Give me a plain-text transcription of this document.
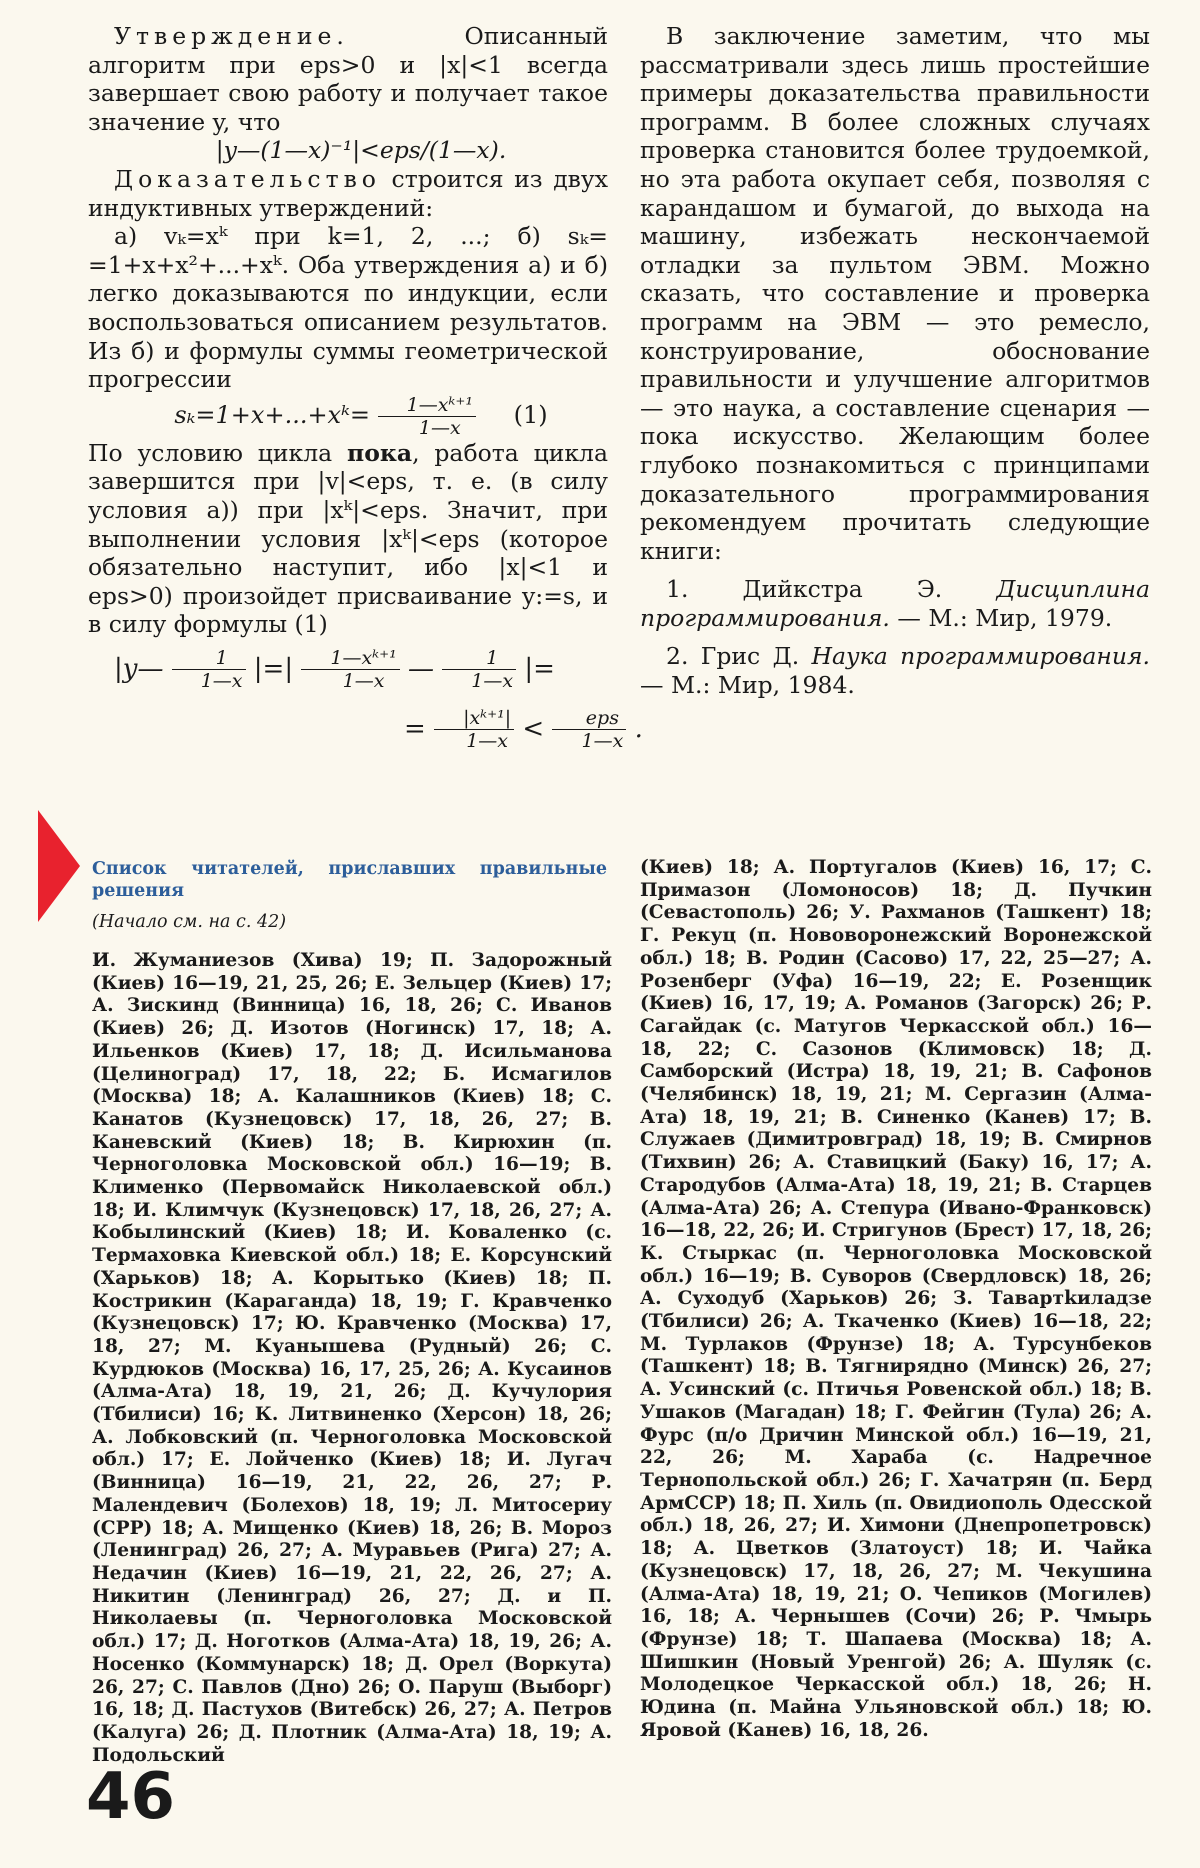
Утверждение. Описанный алгоритм при eps>0 и |x|<1 всегда завершает свою работу и получает такое значение y, что

|y—(1—x)⁻¹|<eps/(1—x).

Доказательство строится из двух индуктивных утверждений:

а) vₖ=xᵏ при k=1, 2, ...; б) sₖ= =1+x+x²+...+xᵏ. Оба утверждения а) и б) легко доказываются по индукции, если воспользоваться описанием результатов. Из б) и формулы суммы геометрической прогрессии

sₖ=1+x+...+xᵏ= $\frac{\text{1—xᵏ⁺¹}}{1—x} (1)$

По условию цикла пока, работа цикла завершится при |v|<eps, т. е. (в силу условия а)) при |xᵏ|<eps. Значит, при выполнении условия |xᵏ|<eps (которое обязательно наступит, ибо |x|<1 и eps>0) произойдет присваивание y:=s, и в силу формулы (1)

|y— $\frac{1}{1—x}$ |=| $\frac{\text{1—xᵏ⁺¹}}{1—x}$ — $\frac{1}{1—x}$ |=

= $\frac{\text{|xᵏ⁺¹|}}{1—x}$ <	eps
1—x .

В заключение заметим, что мы рассматривали здесь лишь простейшие примеры доказательства правильности программ. В более сложных случаях проверка становится более трудоемкой, но эта работа окупает себя, позволяя с карандашом и бумагой, до выхода на машину, избежать нескончаемой отладки за пультом ЭВМ. Можно сказать, что составление и проверка программ на ЭВМ — это ремесло, конструирование, обоснование правильности и улучшение алгоритмов — это наука, а составление сценария — пока искусство. Желающим более глубоко познакомиться с принципами доказательного программирования рекомендуем прочитать следующие книги:

1. Дийкстра Э. Дисциплина программирования. — М.: Мир, 1979.

2. Грис Д. Наука программирования. — М.: Мир, 1984.

Список читателей, приславших правильные решения
(Начало см. на с. 42)
И. Жуманиезов (Хива) 19; П. Задорожный (Киев) 16—19, 21, 25, 26; Е. Зельцер (Киев) 17; А. Зискинд (Винница) 16, 18, 26; С. Иванов (Киев) 26; Д. Изотов (Ногинск) 17, 18; А. Ильенков (Киев) 17, 18; Д. Исильманова (Целиноград) 17, 18, 22; Б. Исмагилов (Москва) 18; А. Калашников (Киев) 18; С. Канатов (Кузнецовск) 17, 18, 26, 27; В. Каневский (Киев) 18; В. Кирюхин (п. Черноголовка Московской обл.) 16—19; В. Клименко (Первомайск Николаевской обл.) 18; И. Климчук (Кузнецовск) 17, 18, 26, 27; А. Кобылинский (Киев) 18; И. Коваленко (с. Термаховка Киевской обл.) 18; Е. Корсунский (Харьков) 18; А. Корытько (Киев) 18; П. Кострикин (Караганда) 18, 19; Г. Кравченко (Кузнецовск) 17; Ю. Кравченко (Москва) 17, 18, 27; М. Куанышева (Рудный) 26; С. Курдюков (Москва) 16, 17, 25, 26; А. Кусаинов (Алма-Ата) 18, 19, 21, 26; Д. Кучулория (Тбилиси) 16; К. Литвиненко (Херсон) 18, 26; А. Лобковский (п. Черноголовка Московской обл.) 17; Е. Лойченко (Киев) 18; И. Лугач (Винница) 16—19, 21, 22, 26, 27; Р. Малендевич (Болехов) 18, 19; Л. Митосериу (СРР) 18; А. Мищенко (Киев) 18, 26; В. Мороз (Ленинград) 26, 27; А. Муравьев (Рига) 27; А. Недачин (Киев) 16—19, 21, 22, 26, 27; А. Никитин (Ленинград) 26, 27; Д. и П. Николаевы (п. Черноголовка Московской обл.) 17; Д. Ноготков (Алма-Ата) 18, 19, 26; А. Носенко (Коммунарск) 18; Д. Орел (Воркута) 26, 27; С. Павлов (Дно) 26; О. Паруш (Выборг) 16, 18; Д. Пастухов (Витебск) 26, 27; А. Петров (Калуга) 26; Д. Плотник (Алма-Ата) 18, 19; А. Подольский
(Киев) 18; А. Португалов (Киев) 16, 17; С. Примазон (Ломоносов) 18; Д. Пучкин (Севастополь) 26; У. Рахманов (Ташкент) 18; Г. Рекуц (п. Нововоронежский Воронежской обл.) 18; В. Родин (Сасово) 17, 22, 25—27; А. Розенберг (Уфа) 16—19, 22; Е. Розенщик (Киев) 16, 17, 19; А. Романов (Загорск) 26; Р. Сагайдак (с. Матугов Черкасской обл.) 16—18, 22; С. Сазонов (Климовск) 18; Д. Самборский (Истра) 18, 19, 21; В. Сафонов (Челябинск) 18, 19, 21; М. Сергазин (Алма-Ата) 18, 19, 21; В. Синенко (Канев) 17; В. Служаев (Димитровград) 18, 19; В. Смирнов (Тихвин) 26; А. Ставицкий (Баку) 16, 17; А. Стародубов (Алма-Ата) 18, 19, 21; В. Старцев (Алма-Ата) 26; А. Степура (Ивано-Франковск) 16—18, 22, 26; И. Стригунов (Брест) 17, 18, 26; К. Стыркас (п. Черноголовка Московской обл.) 16—19; В. Суворов (Свердловск) 18, 26; А. Суходуб (Харьков) 26; З. Тавартkиладзе (Тбилиси) 26; А. Ткаченко (Киев) 16—18, 22; М. Турлаков (Фрунзе) 18; А. Турсунбеков (Ташкент) 18; В. Тягнирядно (Минск) 26, 27; А. Усинский (с. Птичья Ровенской обл.) 18; В. Ушаков (Магадан) 18; Г. Фейгин (Тула) 26; А. Фурс (п/о Дричин Минской обл.) 16—19, 21, 22, 26; М. Хараба (с. Надречное Тернопольской обл.) 26; Г. Хачатрян (п. Берд АрмССР) 18; П. Хиль (п. Овидиополь Одесской обл.) 18, 26, 27; И. Химони (Днепропетровск) 18; А. Цветков (Златоуст) 18; И. Чайка (Кузнецовск) 17, 18, 26, 27; М. Чекушина (Алма-Ата) 18, 19, 21; О. Чепиков (Могилев) 16, 18; А. Чернышев (Сочи) 26; Р. Чмырь (Фрунзе) 18; Т. Шапаева (Москва) 18; А. Шишкин (Новый Уренгой) 26; А. Шуляк (с. Молодецкое Черкасской обл.) 18, 26; Н. Юдина (п. Майна Ульяновской обл.) 18; Ю. Яровой (Канев) 16, 18, 26.
46
